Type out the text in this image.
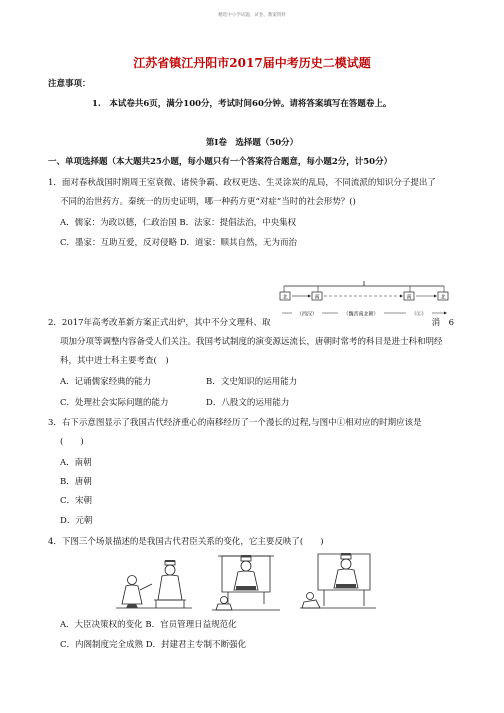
精选中小学试题、试卷、教案资料
江苏省镇江丹阳市2017届中考历史二模试题
注意事项：
1.　本试卷共6页，满分100分，考试时间60分钟。请将答案填写在答题卷上。
第Ⅰ卷　选择题（50分）
一、单项选择题（本大题共25小题，每小题只有一个答案符合题意，每小题2分，计50分）
1．面对春秋战国时期周王室衰微、诸侯争霸、政权更迭、生灵涂炭的乱局，不同流派的知识分子提出了
不同的治世药方。秦统一的历史证明，哪一种药方更“对症”当时的社会形势？()
A．儒家：为政以德，仁政治国 B．法家：提倡法治，中央集权
C．墨家：互助互爱，反对侵略 D．道家：顺其自然，无为而治
北	南	南	北
（西汉）	（魏晋南北朝）	（①）
2．2017年高考改革新方案正式出炉，其中不分文理科、取	消　6
项加分项等调整内容备受人们关注。我国考试制度的演变源远流长，唐朝时常考的科目是进士科和明经
科，其中进士科主要考查(　)
A．记诵儒家经典的能力	B．文史知识的运用能力
C．处理社会实际问题的能力	D．八股文的运用能力
3．右下示意图显示了我国古代经济重心的南移经历了一个漫长的过程,与图中①相对应的时期应该是
(　　)
A．南朝
B．唐朝
C．宋朝
D．元朝
4．下图三个场景描述的是我国古代君臣关系的变化，它主要反映了(　　)
A．大臣决策权的变化 B．官员管理日益规范化
C．内阁制度完全成熟 D．封建君主专制不断强化
